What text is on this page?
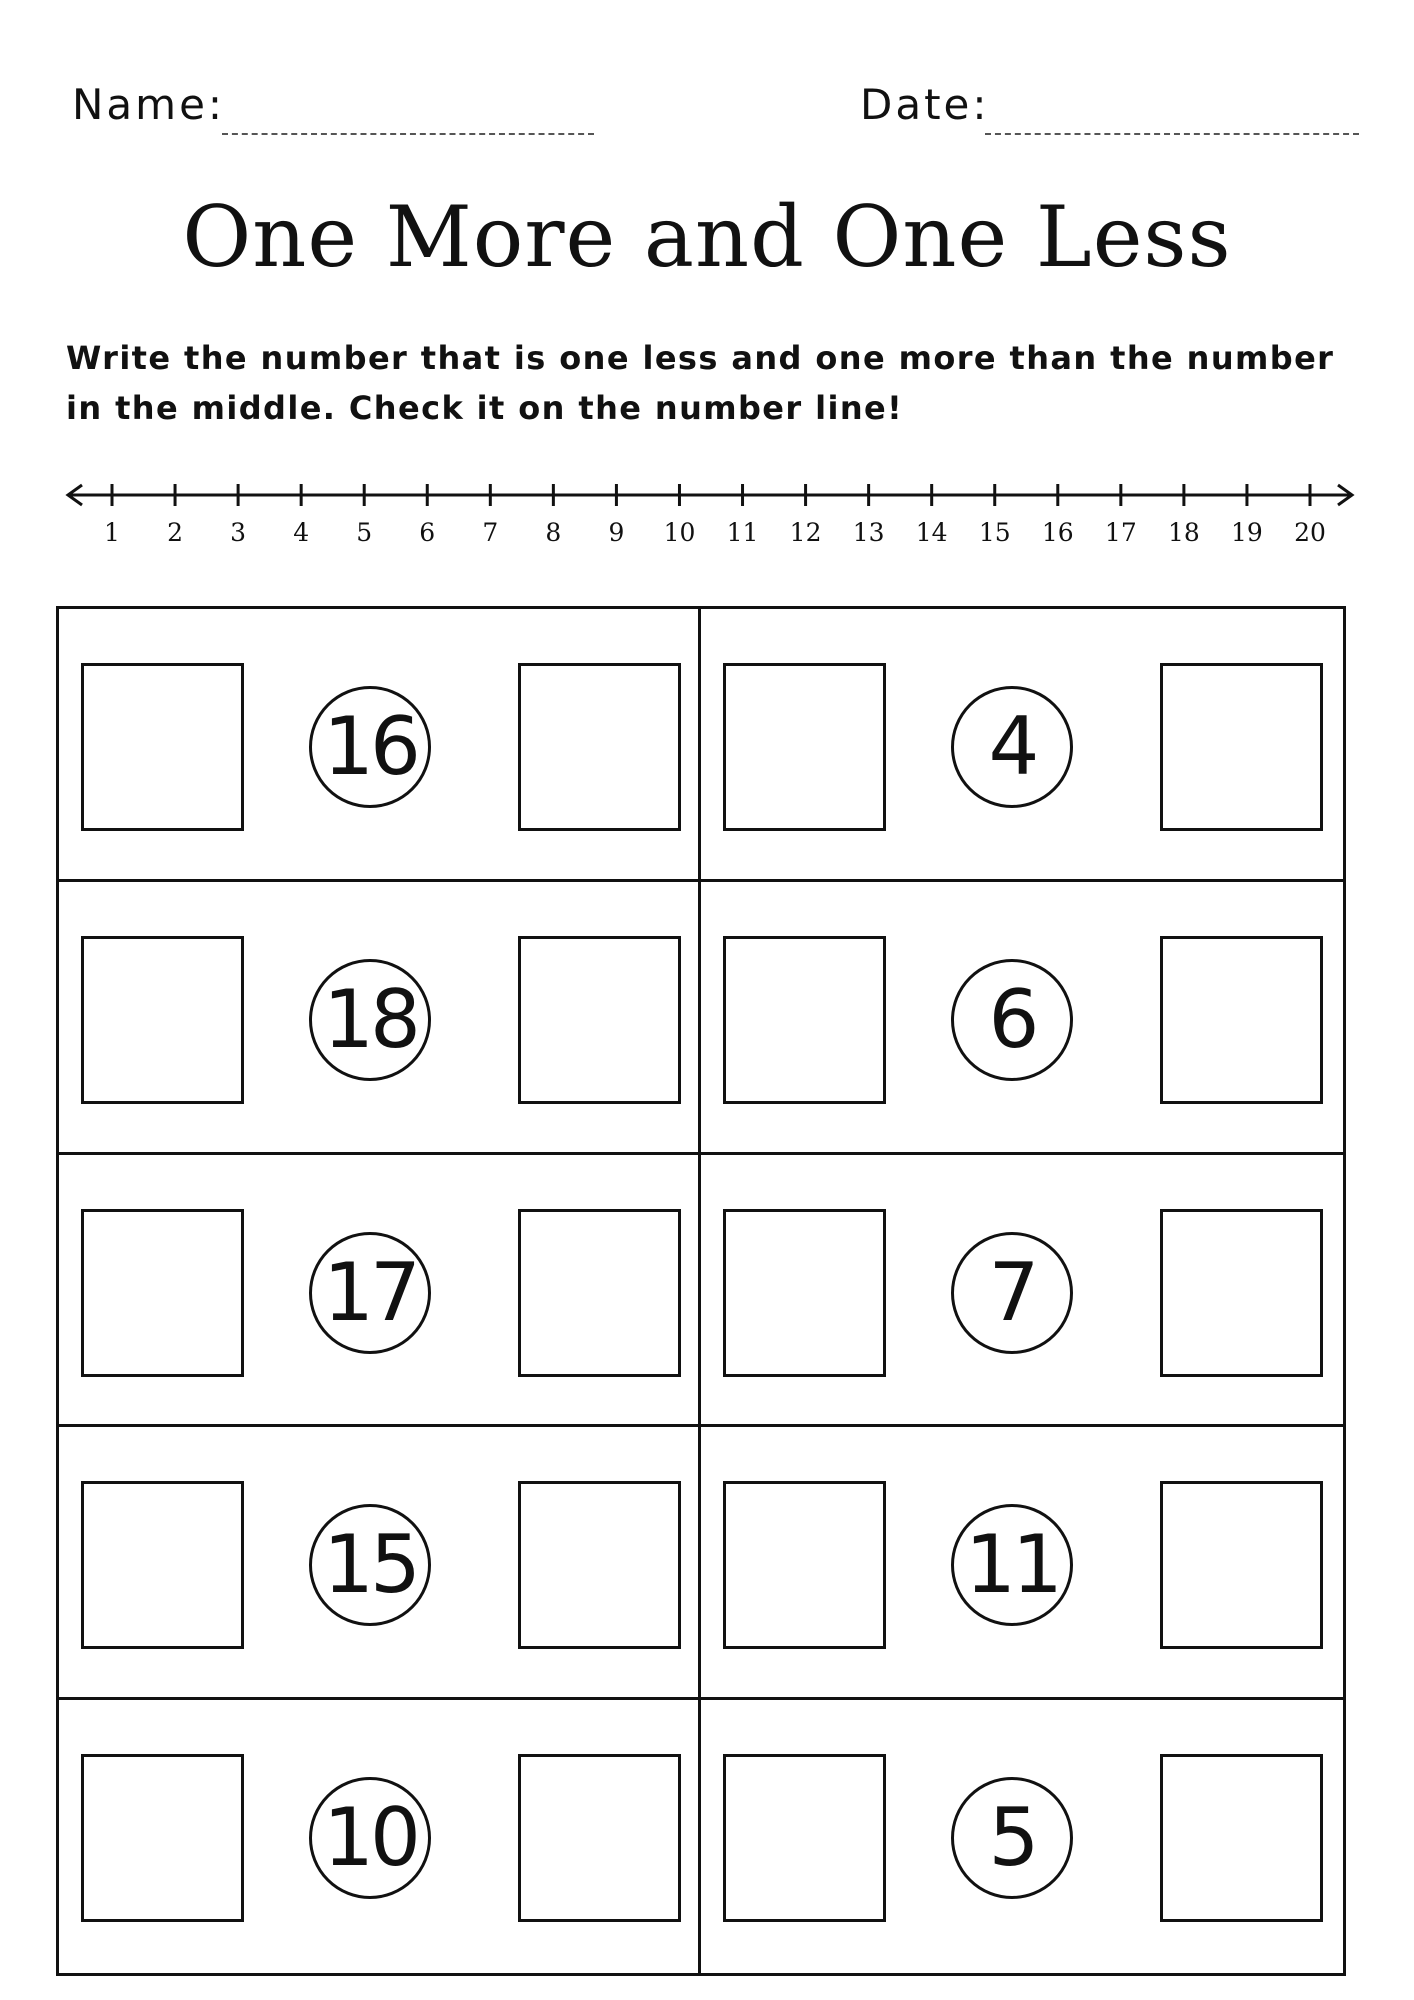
Name:	Date:
One More and One Less

Write the number that is one less and one more than the number in the middle. Check it on the number line!

1 2 3 4 5 6 7 8 9 10 11 12 13 14 15 16 17 18 19 20
16	4
18	6
17	7
15	11
10	5
